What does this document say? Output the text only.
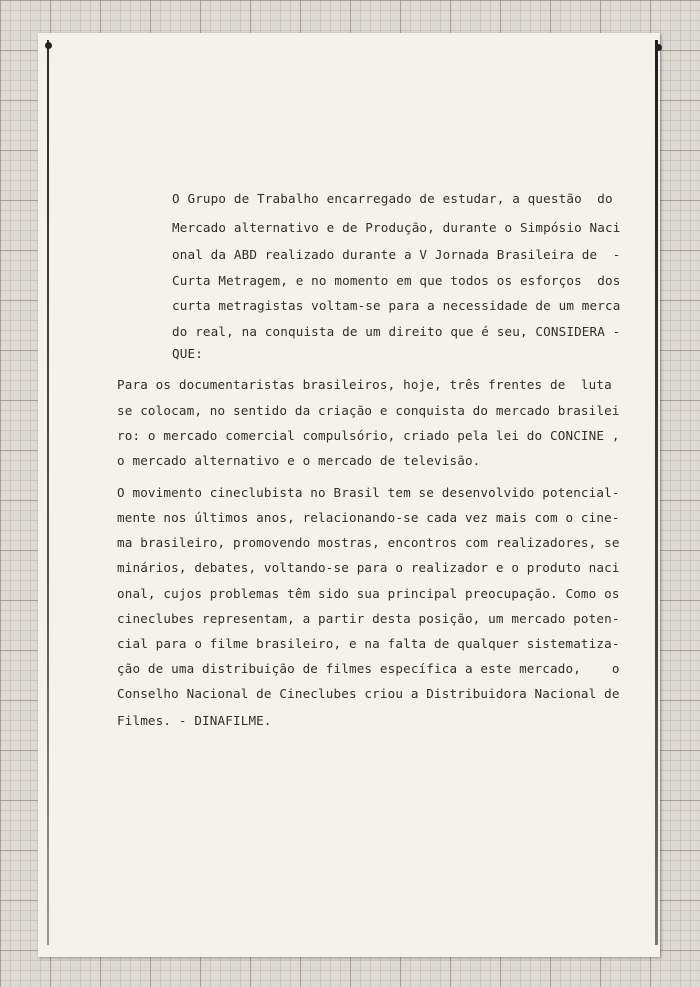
O Grupo de Trabalho encarregado de estudar, a questão  do
Mercado alternativo e de Produção, durante o Simpósio Naci
onal da ABD realizado durante a V Jornada Brasileira de  -
Curta Metragem, e no momento em que todos os esforços  dos
curta metragistas voltam-se para a necessidade de um merca
do real, na conquista de um direito que é seu, CONSIDERA -
QUE:
Para os documentaristas brasileiros, hoje, três frentes de  luta
se colocam, no sentido da criação e conquista do mercado brasilei
ro: o mercado comercial compulsório, criado pela lei do CONCINE ,
o mercado alternativo e o mercado de televisão.
O movimento cineclubista no Brasil tem se desenvolvido potencial-
mente nos últimos anos, relacionando-se cada vez mais com o cine-
ma brasileiro, promovendo mostras, encontros com realizadores, se
minários, debates, voltando-se para o realizador e o produto naci
onal, cujos problemas têm sido sua principal preocupação. Como os
cineclubes representam, a partir desta posição, um mercado poten-
cial para o filme brasileiro, e na falta de qualquer sistematiza-
ção de uma distribuição de filmes específica a este mercado,    o
Conselho Nacional de Cineclubes criou a Distribuidora Nacional de
Filmes. - DINAFILME.
